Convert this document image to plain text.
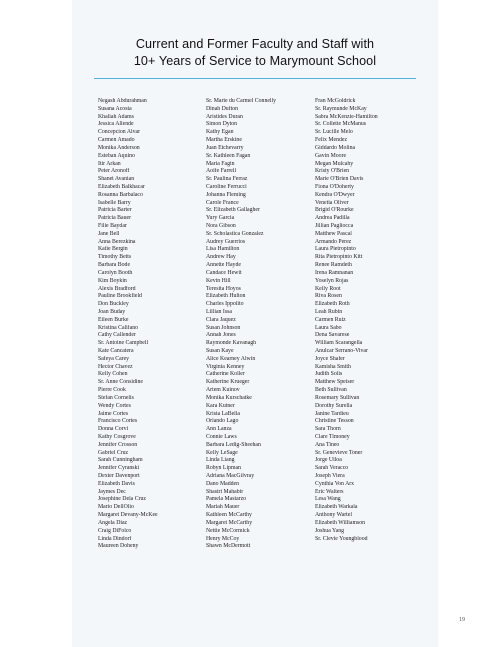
Current and Former Faculty and Staff with
10+ Years of Service to Marymount School
Negash Abdurahman
Susana Acosta
Khaliah Adams
Jessica Allende
Concepcion Alvar
Carmen Amado
Monika Anderson
Esteban Aquino
Itir Arkan
Peter Aronoff
Shanet Avanian
Elizabeth Balkhacar
Rosanna Barbalaco
Isabelle Barry
Patricia Barter
Patricia Bauer
Filie Baydar
Jane Bell
Anna Berezkina
Katie Bergin
Timothy Betts
Barbara Bode
Carolyn Booth
Kim Boykin
Alexis Bradford
Pauline Brookfield
Don Buckley
Joan Buday
Eileen Burke
Kristina Califano
Cathy Callender
Sr. Antoine Campbell
Kate Cancatera
Safeya Carey
Hector Chavez
Kelly Cohen
Sr. Anne Considine
Pierre Cook
Stefan Cornelis
Wendy Cortes
Jaime Cortes
Francisco Cortes
Donna Corvi
Kathy Cosgrove
Jennifer Crosson
Gabriel Cruz
Sarah Cunningham
Jennifer Cyranski
Dexter Davenport
Elizabeth Davis
Jaymes Dec
Josephine Dela Cruz
Mario DellOlio
Margaret Devany-McKee
Angela Diaz
Craig DiFolco
Linda Dindorf
Maureen Doheny
Sr. Marie du Carmel Connelly
Dinah Dufton
Aristides Duran
Simon Dyton
Kathy Egan
Martha Erskine
Juan Etchevarry
Sr. Kathleen Fagan
Maria Fagin
Aoife Farrell
Sr. Paulina Ferraz
Caroline Ferrucci
Johanna Fleming
Carole France
Sr. Elizabeth Gallagher
Yury Garcia
Nora Gibson
Sr. Scholastica Gonzalez
Audrey Guerrios
Lisa Hamilton
Andrew Hay
Annette Hayde
Candace Hewit
Kevin Hill
Teresita Hoyos
Elizabeth Hulton
Charles Ippolito
Lillian Issa
Clara Jaquez
Susan Johnson
Annah Jones
Raymonde Kavanagh
Susan Kaye
Alice Kearney Alwin
Virginia Kenney
Catherine Koller
Katherine Krueger
Artem Kuinov
Monika Kurschatke
Kara Kutner
Krista LaBella
Orlando Lago
Ann Lanza
Connie Laws
Barbara Ledig-Sheehan
Kelly LeSage
Linda Liang
Robyn Lipman
Adriana MacGilvray
Dano Madden
Shastri Mahabir
Pamela Mastarzo
Mariah Mauer
Kathleen McCarthy
Margaret McCarthy
Nettie McCormick
Henry McCoy
Shawn McDermott
Fran McGoldrick
Sr. Raymunde McKay
Sabra McKenzie-Hamilton
Sr. Collette McManus
Sr. Lucille Melo
Felix Mendez
Giddardo Molina
Gavin Moore
Megan Mulcahy
Kristy O'Brien
Marie O'Brien Davis
Fiona O'Doherty
Kendra O'Dwyer
Venetia Oliver
Brigid O'Rourke
Andrea Padilla
Jillian Pagliocca
Matthew Pascal
Armando Perez
Laura Pietropinto
Rita Pietropinto Kitt
Renee Ramdeth
Irena Ramnanan
Yoselyn Rojas
Kelly Root
Riva Rosen
Elizabeth Roth
Leah Rubin
Carmen Ruiz
Laura Sabo
Dena Savarese
William Scarangella
Anulcar Serrano-Vivar
Joyce Shafer
Kamisha Smith
Judith Solis
Matthew Speiser
Beth Sullivan
Rosemary Sullivan
Dorothy Surella
Janine Tardieu
Christine Tesson
Sara Thorn
Clare Timoney
Ana Tineo
Sr. Genevieve Toner
Jorge Ulloa
Sarah Veracco
Joseph Viera
Cynthia Von Arx
Eric Walters
Lesa Wang
Elizabeth Warkala
Anthony Wartel
Elizabeth Williamson
Joshua Yang
Sr. Clevie Youngblood
19
